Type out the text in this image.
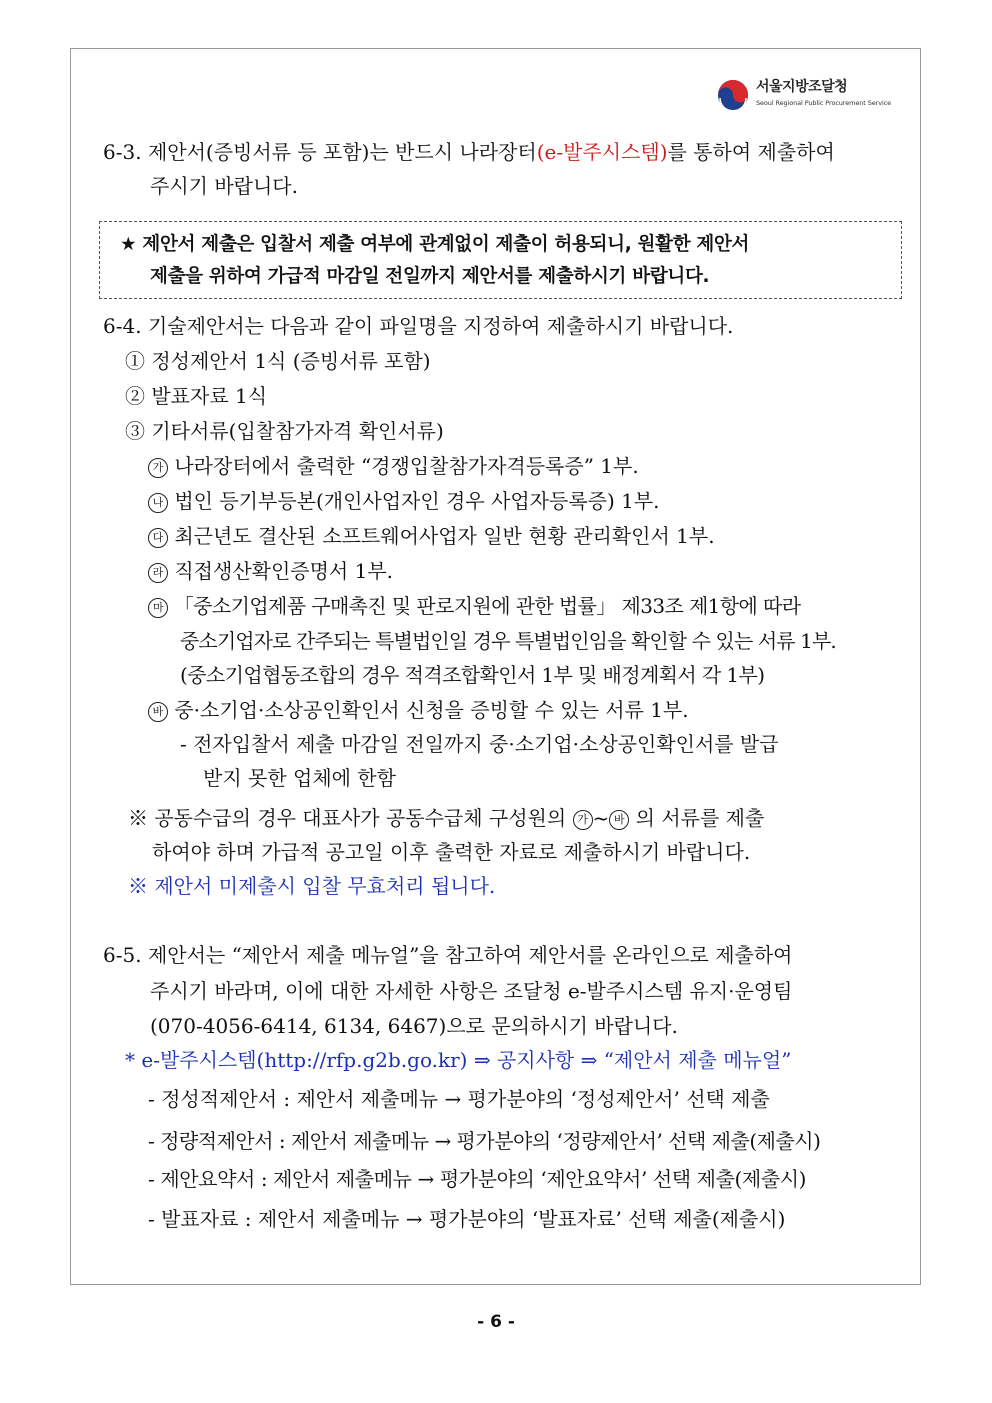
서울지방조달청
Seoul Regional Public Procurement Service
6-3. 제안서(증빙서류 등 포함)는 반드시 나라장터(e-발주시스템)를 통하여 제출하여
주시기 바랍니다.
★ 제안서 제출은 입찰서 제출 여부에 관계없이 제출이 허용되니, 원활한 제안서
제출을 위하여 가급적 마감일 전일까지 제안서를 제출하시기 바랍니다.
6-4. 기술제안서는 다음과 같이 파일명을 지정하여 제출하시기 바랍니다.
① 정성제안서 1식 (증빙서류 포함)
② 발표자료 1식
③ 기타서류(입찰참가자격 확인서류)
가 나라장터에서 출력한 “경쟁입찰참가자격등록증” 1부.
나 법인 등기부등본(개인사업자인 경우 사업자등록증) 1부.
다 최근년도 결산된 소프트웨어사업자 일반 현황 관리확인서 1부.
라 직접생산확인증명서 1부.
마 「중소기업제품 구매촉진 및 판로지원에 관한 법률」 제33조 제1항에 따라
중소기업자로 간주되는 특별법인일 경우 특별법인임을 확인할 수 있는 서류 1부.
(중소기업협동조합의 경우 적격조합확인서 1부 및 배정계획서 각 1부)
바 중·소기업·소상공인확인서 신청을 증빙할 수 있는 서류 1부.
- 전자입찰서 제출 마감일 전일까지 중·소기업·소상공인확인서를 발급
받지 못한 업체에 한함
※ 공동수급의 경우 대표사가 공동수급체 구성원의 가 ~ 바 의 서류를 제출
하여야 하며 가급적 공고일 이후 출력한 자료로 제출하시기 바랍니다.
※ 제안서 미제출시 입찰 무효처리 됩니다.
6-5. 제안서는 “제안서 제출 메뉴얼”을 참고하여 제안서를 온라인으로 제출하여
주시기 바라며, 이에 대한 자세한 사항은 조달청 e-발주시스템 유지·운영팀
(070-4056-6414, 6134, 6467)으로 문의하시기 바랍니다.
* e-발주시스템(http://rfp.g2b.go.kr) ⇒ 공지사항 ⇒ “제안서 제출 메뉴얼”
- 정성적제안서 : 제안서 제출메뉴 → 평가분야의 ‘정성제안서’ 선택 제출
- 정량적제안서 : 제안서 제출메뉴 → 평가분야의 ‘정량제안서’ 선택 제출(제출시)
- 제안요약서 : 제안서 제출메뉴 → 평가분야의 ‘제안요약서’ 선택 제출(제출시)
- 발표자료 : 제안서 제출메뉴 → 평가분야의 ‘발표자료’ 선택 제출(제출시)
- 6 -
